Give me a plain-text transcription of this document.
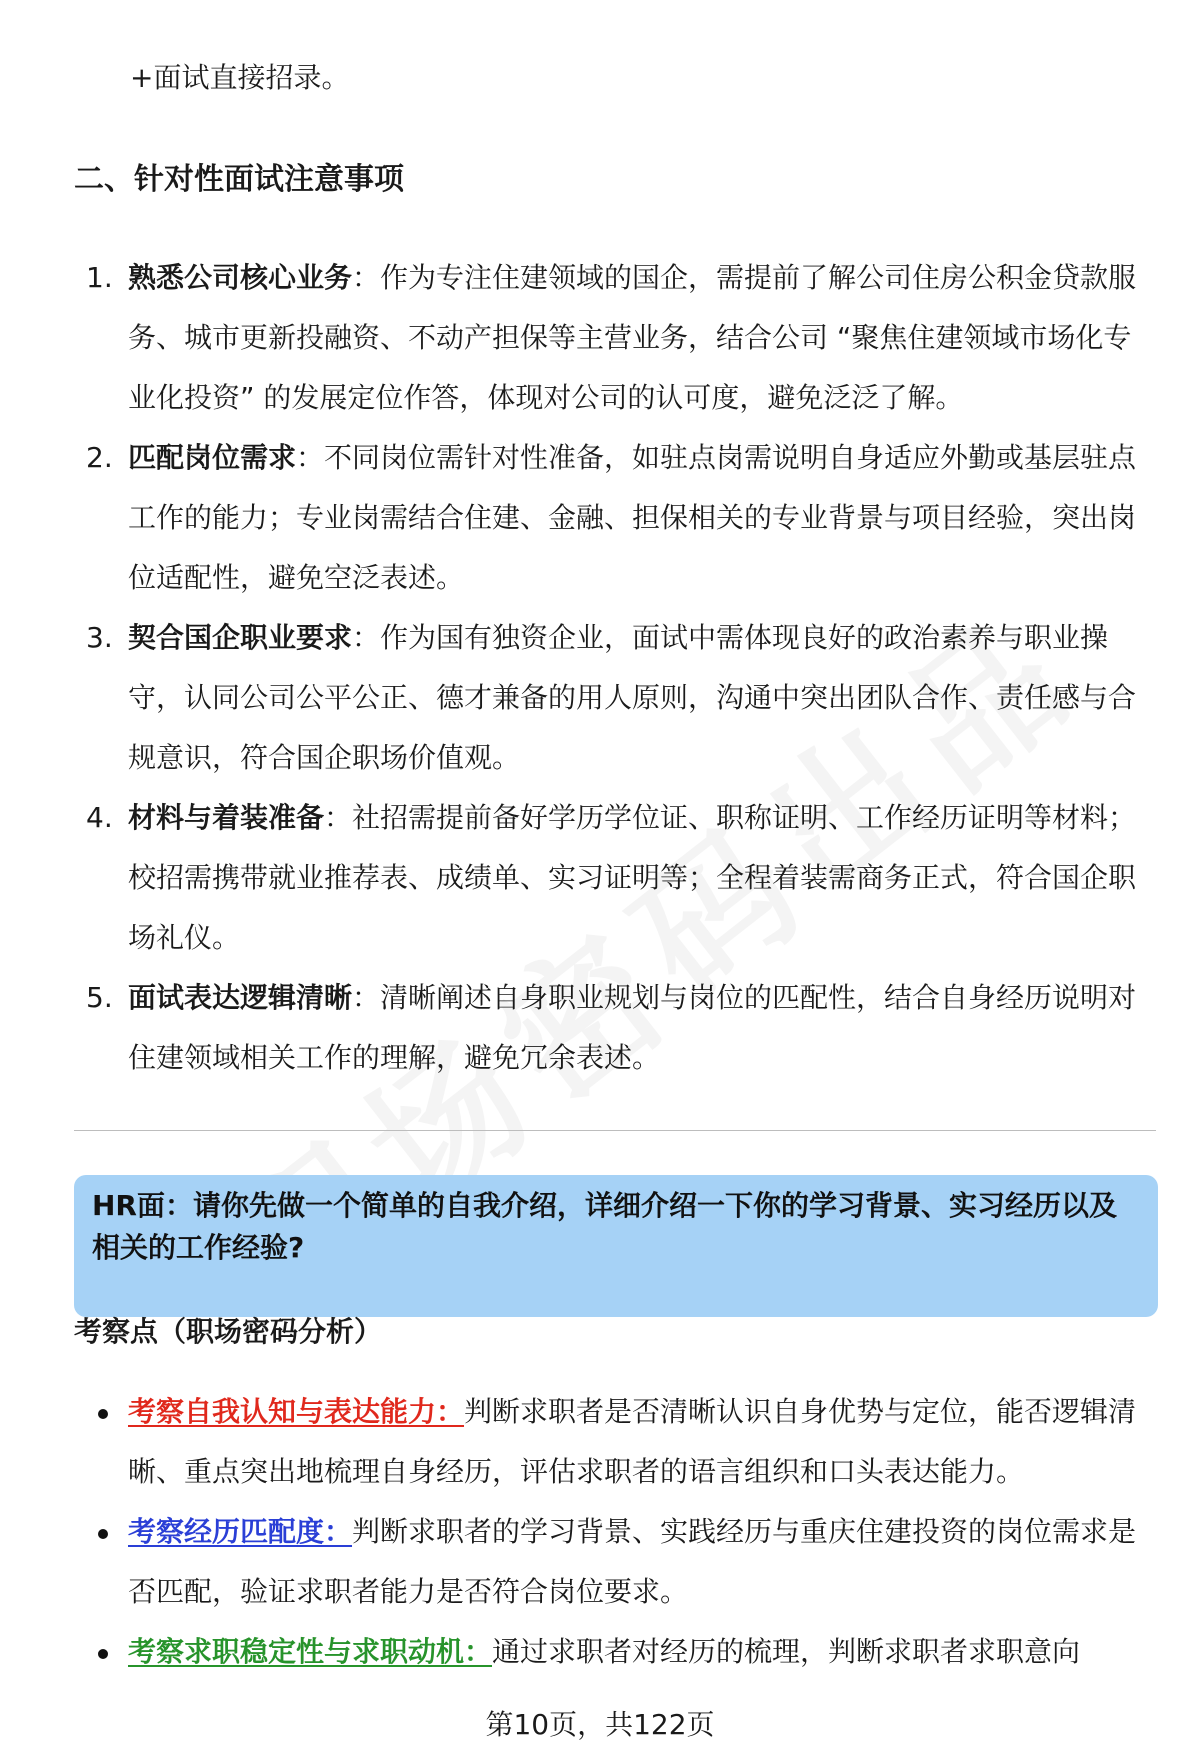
+面试直接招录。
二、针对性面试注意事项
1. 熟悉公司核心业务：作为专注住建领域的国企，需提前了解公司住房公积金贷款服务、城市更新投融资、不动产担保等主营业务，结合公司 “聚焦住建领域市场化专业化投资” 的发展定位作答，体现对公司的认可度，避免泛泛了解。
2. 匹配岗位需求：不同岗位需针对性准备，如驻点岗需说明自身适应外勤或基层驻点工作的能力；专业岗需结合住建、金融、担保相关的专业背景与项目经验，突出岗位适配性，避免空泛表述。
3. 契合国企职业要求：作为国有独资企业，面试中需体现良好的政治素养与职业操守，认同公司公平公正、德才兼备的用人原则，沟通中突出团队合作、责任感与合规意识，符合国企职场价值观。
4. 材料与着装准备：社招需提前备好学历学位证、职称证明、工作经历证明等材料；校招需携带就业推荐表、成绩单、实习证明等；全程着装需商务正式，符合国企职场礼仪。
5. 面试表达逻辑清晰：清晰阐述自身职业规划与岗位的匹配性，结合自身经历说明对住建领域相关工作的理解，避免冗余表述。
HR面：请你先做一个简单的自我介绍，详细介绍一下你的学习背景、实习经历以及相关的工作经验?
考察点（职场密码分析）
考察自我认知与表达能力：判断求职者是否清晰认识自身优势与定位，能否逻辑清晰、重点突出地梳理自身经历，评估求职者的语言组织和口头表达能力。
考察经历匹配度：判断求职者的学习背景、实践经历与重庆住建投资的岗位需求是否匹配，验证求职者能力是否符合岗位要求。
考察求职稳定性与求职动机：通过求职者对经历的梳理，判断求职者求职意向
第10页，共122页
